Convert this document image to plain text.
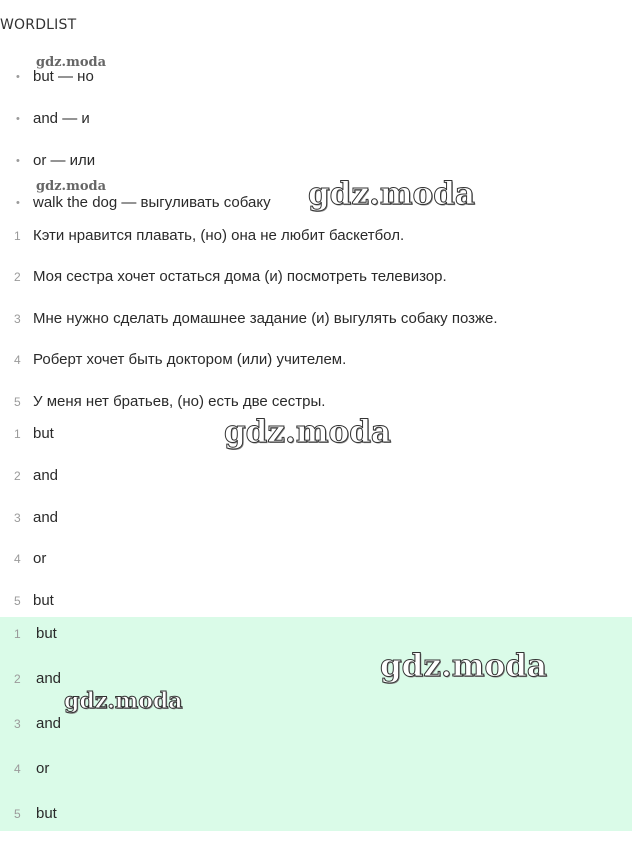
WORDLIST
• but — но
• and — и
• or — или
• walk the dog — выгуливать собаку
1 Кэти нравится плавать, (но) она не любит баскетбол.
2 Моя сестра хочет остаться дома (и) посмотреть телевизор.
3 Мне нужно сделать домашнее задание (и) выгулять собаку позже.
4 Роберт хочет быть доктором (или) учителем.
5 У меня нет братьев, (но) есть две сестры.
1 but
2 and
3 and
4 or
5 but
1 but
2 and
3 and
4 or
5 but
gdz.moda
gdz.moda	gdz.moda
gdz.moda
gdz.moda
gdz.moda
